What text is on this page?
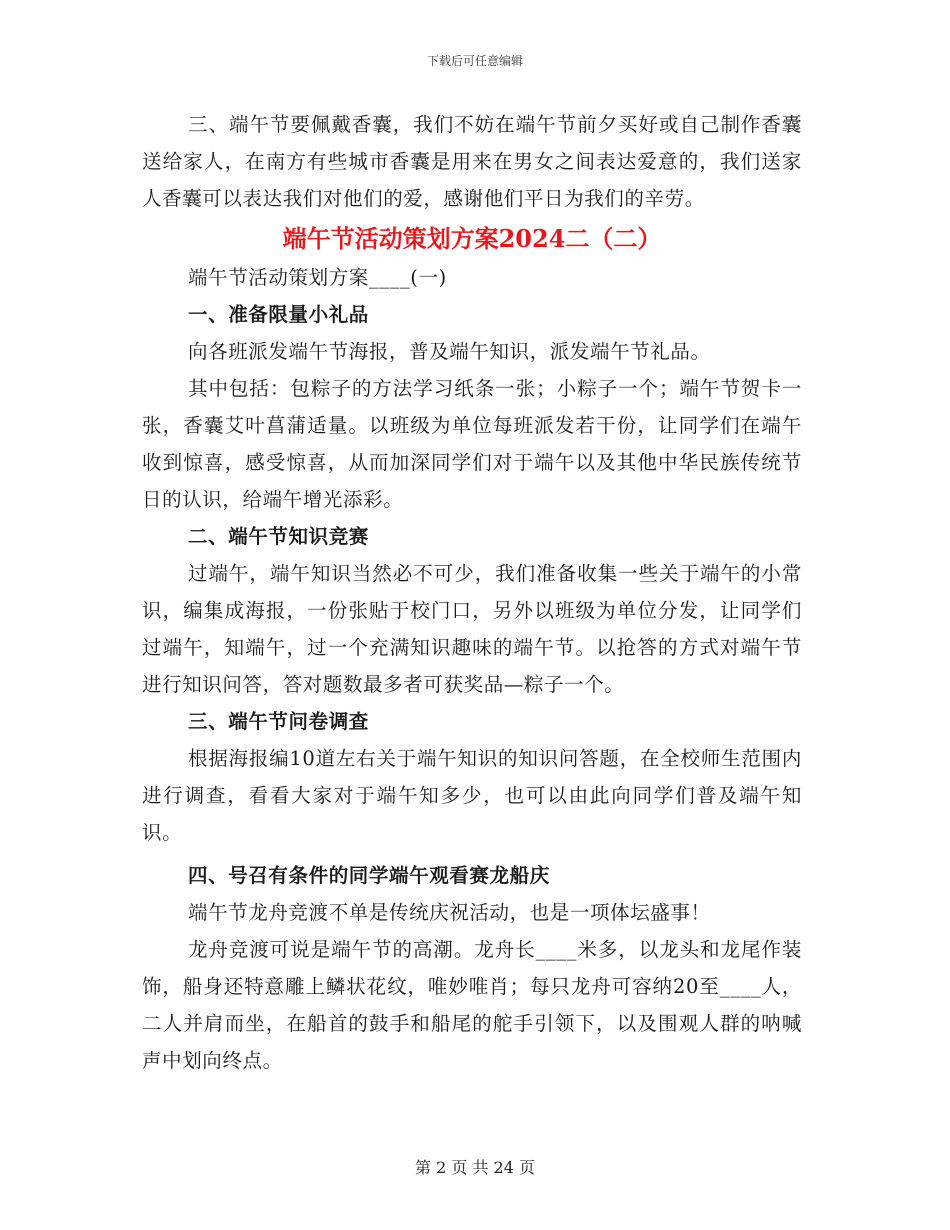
下载后可任意编辑

三、端午节要佩戴香囊，我们不妨在端午节前夕买好或自己制作香囊送给家人，在南方有些城市香囊是用来在男女之间表达爱意的，我们送家人香囊可以表达我们对他们的爱，感谢他们平日为我们的辛劳。

端午节活动策划方案2024二（二）

端午节活动策划方案____(一)

一、准备限量小礼品

向各班派发端午节海报，普及端午知识，派发端午节礼品。

其中包括：包粽子的方法学习纸条一张；小粽子一个；端午节贺卡一张，香囊艾叶菖蒲适量。以班级为单位每班派发若干份，让同学们在端午收到惊喜，感受惊喜，从而加深同学们对于端午以及其他中华民族传统节日的认识，给端午增光添彩。

二、端午节知识竞赛

过端午，端午知识当然必不可少，我们准备收集一些关于端午的小常识，编集成海报，一份张贴于校门口，另外以班级为单位分发，让同学们过端午，知端午，过一个充满知识趣味的端午节。以抢答的方式对端午节进行知识问答，答对题数最多者可获奖品—粽子一个。

三、端午节问卷调查

根据海报编10道左右关于端午知识的知识问答题，在全校师生范围内进行调查，看看大家对于端午知多少，也可以由此向同学们普及端午知识。

四、号召有条件的同学端午观看赛龙船庆

端午节龙舟竞渡不单是传统庆祝活动，也是一项体坛盛事！

龙舟竞渡可说是端午节的高潮。龙舟长____米多，以龙头和龙尾作装饰，船身还特意雕上鳞状花纹，唯妙唯肖；每只龙舟可容纳20至____人，二人并肩而坐，在船首的鼓手和船尾的舵手引领下，以及围观人群的呐喊声中划向终点。

第 2 页 共 24 页
